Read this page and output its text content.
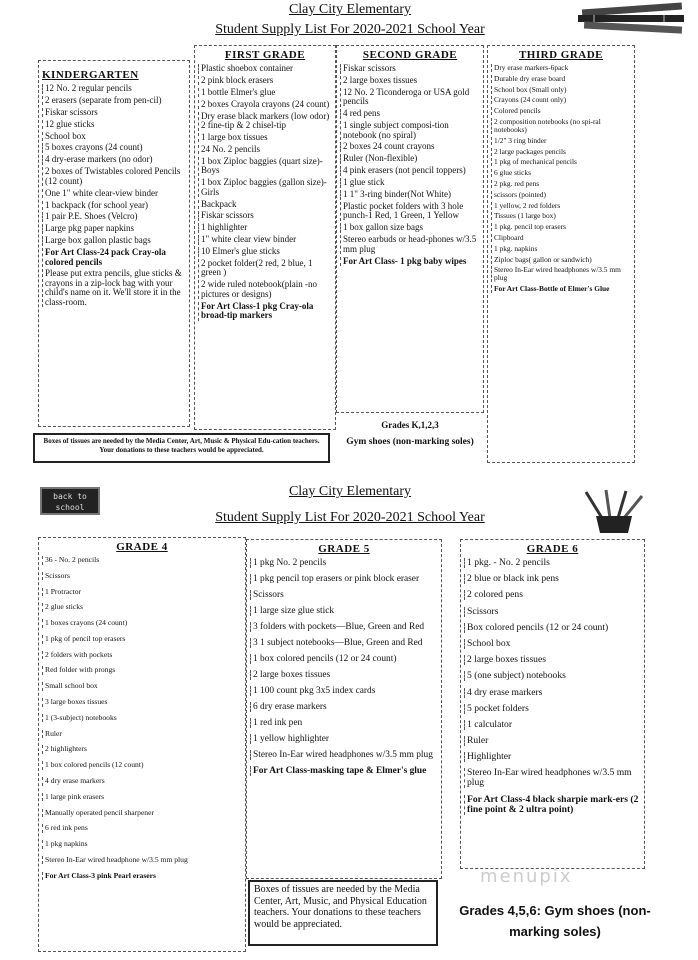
Clay City Elementary
Student Supply List For 2020-2021 School Year
KINDERGARTEN
12 No. 2 regular pencils
2 erasers (separate from pen-cil)
Fiskar scissors
12 glue sticks
School box
5 boxes crayons (24 count)
4 dry-erase markers (no odor)
2 boxes of Twistables colored Pencils (12 count)
One 1" white clear-view binder
1 backpack (for school year)
1 pair P.E. Shoes (Velcro)
Large pkg paper napkins
Large box gallon plastic bags
For Art Class-24 pack Cray-ola colored pencils
Please put extra pencils, glue sticks & crayons in a zip-lock bag with your child's name on it. We'll store it in the class-room.
FIRST GRADE
Plastic shoebox container
2 pink block erasers
1 bottle Elmer's glue
2 boxes Crayola crayons (24 count)
Dry erase black markers (low odor) 2 fine-tip & 2 chisel-tip
1 large box tissues
24 No. 2 pencils
1 box Ziploc baggies (quart size)-Boys
1 box Ziploc baggies (gallon size)-Girls
Backpack
Fiskar scissors
1 highlighter
1" white clear view binder
10 Elmer's glue sticks
2 pocket folder(2 red, 2 blue, 1 green )
2 wide ruled notebook(plain -no pictures or designs)
For Art Class-1 pkg Cray-ola broad-tip markers
SECOND GRADE
Fiskar scissors
2 large boxes tissues
12 No. 2 Ticonderoga or USA gold pencils
4 red pens
1 single subject composi-tion notebook (no spiral)
2 boxes 24 count crayons
Ruler (Non-flexible)
4 pink erasers (not pencil toppers)
1 glue stick
1 1" 3-ring binder(Not White)
Plastic pocket folders with 3 hole punch-1 Red, 1 Green, 1 Yellow
1 box gallon size bags
Stereo earbuds or head-phones w/3.5 mm plug
For Art Class- 1 pkg baby wipes
THIRD GRADE
Dry erase markers-6pack
Durable dry erase board
School box (Small only)
Crayons (24 count only)
Colored pencils
2 composition notebooks (no spi-ral notebooks)
1/2" 3 ring binder
2 large packages pencils
1 pkg of mechanical pencils
6 glue sticks
2 pkg. red pens
scissors (pointed)
1 yellow, 2 red folders
Tissues (1 large box)
1 pkg. pencil top erasers
Clipboard
1 pkg. napkins
Ziploc bags( gallon or sandwich)
Stereo In-Ear wired headphones w/3.5 mm plug
For Art Class-Bottle of Elmer's Glue
Boxes of tissues are needed by the Media Center, Art, Music & Physical Edu-cation teachers. Your donations to these teachers would be appreciated.
Grades K,1,2,3
Gym shoes (non-marking soles)
back to school
Clay City Elementary
Student Supply List For 2020-2021 School Year
GRADE 4
36 - No. 2 pencils
Scissors
1 Protractor
2 glue sticks
1 boxes crayons (24 count)
1 pkg of pencil top erasers
2 folders with pockets
Red folder with prongs
Small school box
3 large boxes tissues
1 (3-subject) notebooks
Ruler
2 highlighters
1 box colored pencils (12 count)
4 dry erase markers
1 large pink erasers
Manually operated pencil sharpener
6 red ink pens
1 pkg napkins
Stereo In-Ear wired headphone w/3.5 mm plug
For Art Class-3 pink Pearl erasers
GRADE 5
1 pkg No. 2 pencils
1 pkg pencil top erasers or pink block eraser
Scissors
1 large size glue stick
3 folders with pockets—Blue, Green and Red
3 1 subject notebooks—Blue, Green and Red
1 box colored pencils (12 or 24 count)
2 large boxes tissues
1 100 count pkg 3x5 index cards
6 dry erase markers
1 red ink pen
1 yellow highlighter
Stereo In-Ear wired headphones w/3.5 mm plug
For Art Class-masking tape & Elmer's glue
Boxes of tissues are needed by the Media Center, Art, Music, and Physical Education teachers. Your donations to these teachers would be appreciated.
GRADE 6
1 pkg. - No. 2 pencils
2 blue or black ink pens
2 colored pens
Scissors
Box colored pencils (12 or 24 count)
School box
2 large boxes tissues
5 (one subject) notebooks
4 dry erase markers
5 pocket folders
1 calculator
Ruler
Highlighter
Stereo In-Ear wired headphones w/3.5 mm plug
For Art Class-4 black sharpie mark-ers (2 fine point & 2 ultra point)
menupix
Grades 4,5,6: Gym shoes (non-marking soles)
